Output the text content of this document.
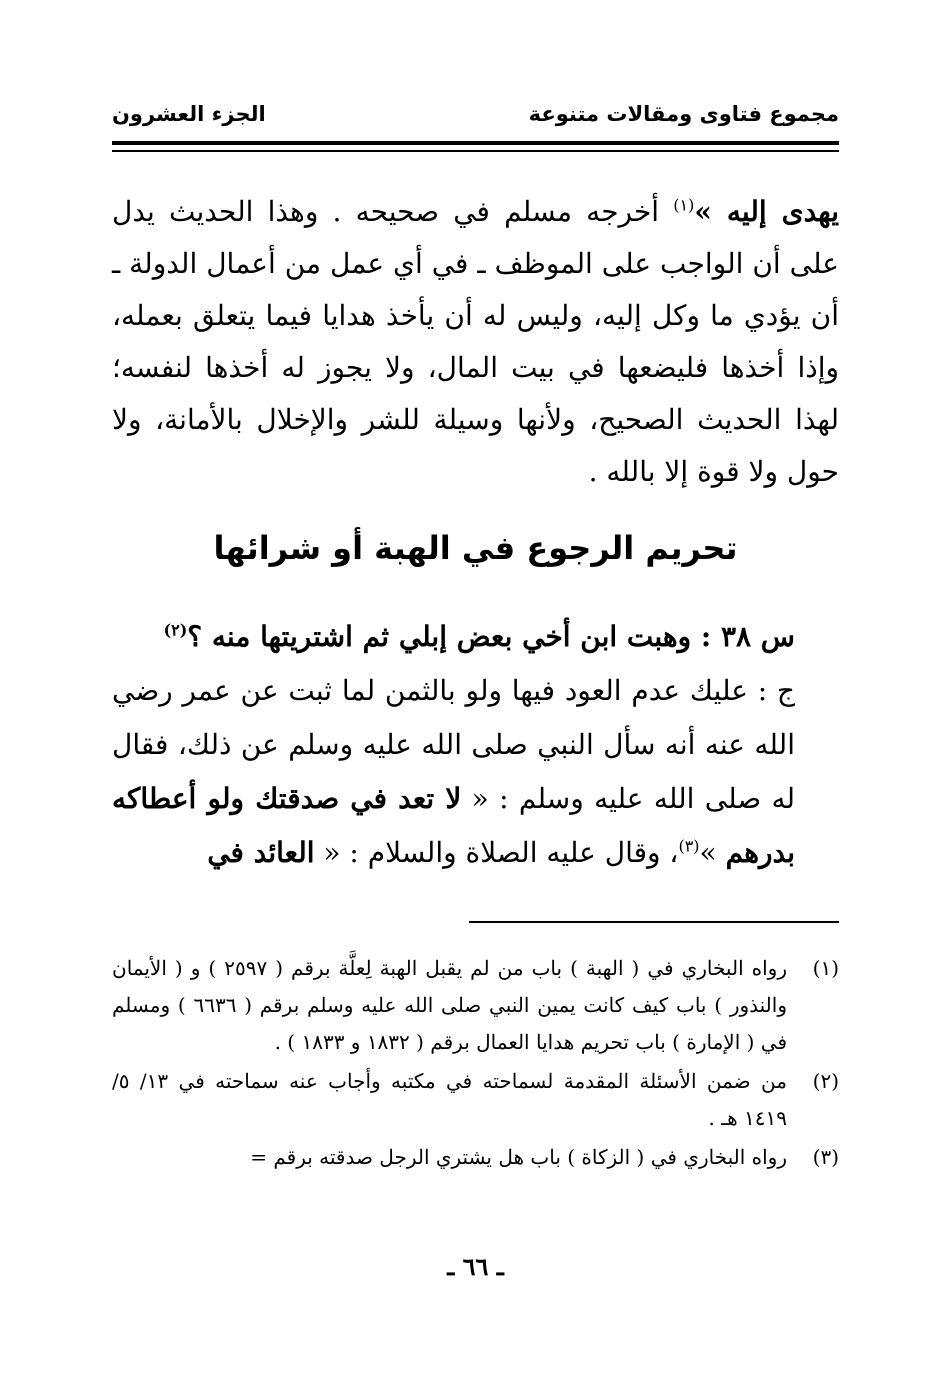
مجموع فتاوى ومقالات متنوعة
الجزء العشرون

يهدى إليه »$^{(١)}$ أخرجه مسلم في صحيحه . وهذا الحديث يدل على أن الواجب على الموظف ـ في أي عمل من أعمال الدولة ـ أن يؤدي ما وكل إليه، وليس له أن يأخذ هدايا فيما يتعلق بعمله، وإذا أخذها فليضعها في بيت المال، ولا يجوز له أخذها لنفسه؛ لهذا الحديث الصحيح، ولأنها وسيلة للشر والإخلال بالأمانة، ولا حول ولا قوة إلا بالله .

تحريم الرجوع في الهبة أو شرائها

س ٣٨ : وهبت ابن أخي بعض إبلي ثم اشتريتها منه ؟$^{(٢)}$

ج : عليك عدم العود فيها ولو بالثمن لما ثبت عن عمر رضي الله عنه أنه سأل النبي صلى الله عليه وسلم عن ذلك، فقال له صلى الله عليه وسلم : « لا تعد في صدقتك ولو أعطاكه بدرهم »$^{(٣)}$، وقال عليه الصلاة والسلام : « العائد في

(١)
رواه البخاري في ( الهبة ) باب من لم يقبل الهبة لِعلَّة برقم ( ٢٥٩٧ ) و ( الأيمان والنذور ) باب كيف كانت يمين النبي صلى الله عليه وسلم برقم ( ٦٦٣٦ ) ومسلم في ( الإمارة ) باب تحريم هدايا العمال برقم ( ١٨٣٢ و ١٨٣٣ ) .
(٢)
من ضمن الأسئلة المقدمة لسماحته في مكتبه وأجاب عنه سماحته في ١٣/ ٥/ ١٤١٩ هـ .
(٣)
رواه البخاري في ( الزكاة ) باب هل يشتري الرجل صدقته برقم =
ـ ٦٦ ـ
